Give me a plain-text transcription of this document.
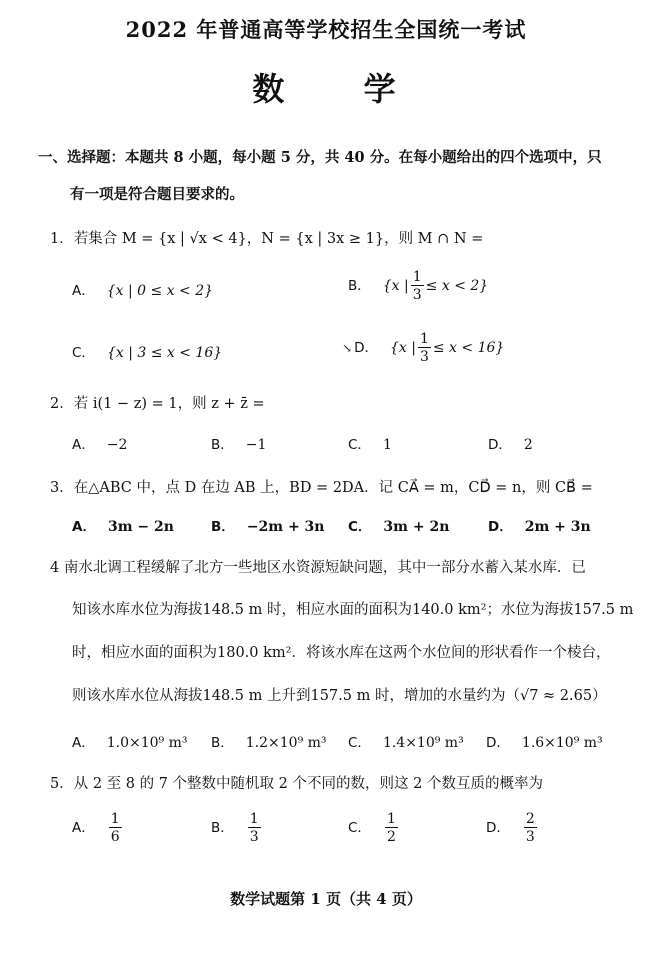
2022 年普通高等学校招生全国统一考试
数 学
一、选择题：本题共 8 小题，每小题 5 分，共 40 分。在每小题给出的四个选项中，只
有一项是符合题目要求的。
1．若集合 M = {x | √x < 4}，N = {x | 3x ≥ 1}，则 M ∩ N =
A． {x | 0 ≤ x < 2}	B． {x | $\frac{1}{3} \le x < 2$}
C． {x | 3 ≤ x < 16}	↘ D． {x | $\frac{1}{3} \le x < 16$}
2．若 i(1 − z) = 1，则 z + z̄ =
A． −2	B． −1	C． 1	D． 2
3．在△ABC 中，点 D 在边 AB 上，BD = 2DA．记 CA⃗ = m，CD⃗ = n，则 CB⃗ =
A． 3m − 2n	B． −2m + 3n C． 3m + 2n	D． 2m + 3n
4 南水北调工程缓解了北方一些地区水资源短缺问题，其中一部分水蓄入某水库．已
知该水库水位为海拔148.5 m 时，相应水面的面积为140.0 km²；水位为海拔157.5 m
时，相应水面的面积为180.0 km²．将该水库在这两个水位间的形状看作一个棱台，
则该水库水位从海拔148.5 m 上升到157.5 m 时，增加的水量约为（√7 ≈ 2.65）
A． 1.0×10⁹ m³ B． 1.2×10⁹ m³ C． 1.4×10⁹ m³ D． 1.6×10⁹ m³
5．从 2 至 8 的 7 个整数中随机取 2 个不同的数，则这 2 个数互质的概率为
A． $\frac{1}{6}$	B． $\frac{1}{3}$	C． $\frac{1}{2}$	D． $\frac{2}{3}$
数学试题第 1 页（共 4 页）
